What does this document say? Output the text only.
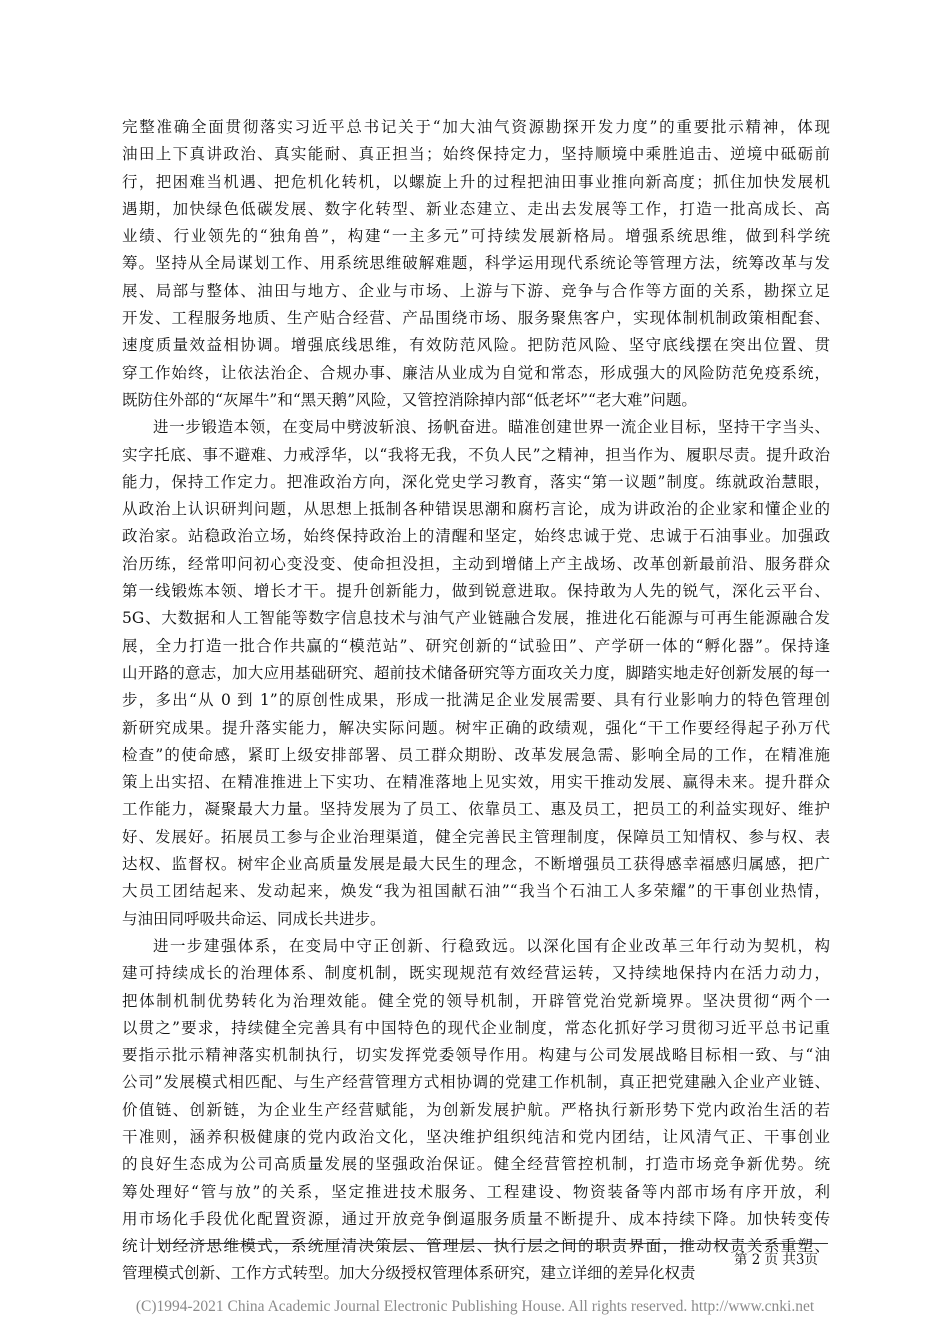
完整准确全面贯彻落实习近平总书记关于“加大油气资源勘探开发力度”的重要批示精神，体现
油田上下真讲政治、真实能耐、真正担当；始终保持定力，坚持顺境中乘胜追击、逆境中砥砺前
行，把困难当机遇、把危机化转机，以螺旋上升的过程把油田事业推向新高度；抓住加快发展机
遇期，加快绿色低碳发展、数字化转型、新业态建立、走出去发展等工作，打造一批高成长、高
业绩、行业领先的“独角兽”，构建“一主多元”可持续发展新格局。增强系统思维，做到科学统
筹。坚持从全局谋划工作、用系统思维破解难题，科学运用现代系统论等管理方法，统筹改革与发
展、局部与整体、油田与地方、企业与市场、上游与下游、竞争与合作等方面的关系，勘探立足
开发、工程服务地质、生产贴合经营、产品围绕市场、服务聚焦客户，实现体制机制政策相配套、
速度质量效益相协调。增强底线思维，有效防范风险。把防范风险、坚守底线摆在突出位置、贯
穿工作始终，让依法治企、合规办事、廉洁从业成为自觉和常态，形成强大的风险防范免疫系统，
既防住外部的“灰犀牛”和“黑天鹅”风险，又管控消除掉内部“低老坏”“老大难”问题。
进一步锻造本领，在变局中劈波斩浪、扬帆奋进。瞄准创建世界一流企业目标，坚持干字当头、
实字托底、事不避难、力戒浮华，以“我将无我，不负人民”之精神，担当作为、履职尽责。提升政治
能力，保持工作定力。把准政治方向，深化党史学习教育，落实“第一议题”制度。练就政治慧眼，
从政治上认识研判问题，从思想上抵制各种错误思潮和腐朽言论，成为讲政治的企业家和懂企业的
政治家。站稳政治立场，始终保持政治上的清醒和坚定，始终忠诚于党、忠诚于石油事业。加强政
治历练，经常叩问初心变没变、使命担没担，主动到增储上产主战场、改革创新最前沿、服务群众
第一线锻炼本领、增长才干。提升创新能力，做到锐意进取。保持敢为人先的锐气，深化云平台、
5G、大数据和人工智能等数字信息技术与油气产业链融合发展，推进化石能源与可再生能源融合发
展，全力打造一批合作共赢的“模范站”、研究创新的“试验田”、产学研一体的“孵化器”。保持逢
山开路的意志，加大应用基础研究、超前技术储备研究等方面攻关力度，脚踏实地走好创新发展的每一
步，多出“从 0 到 1”的原创性成果，形成一批满足企业发展需要、具有行业影响力的特色管理创
新研究成果。提升落实能力，解决实际问题。树牢正确的政绩观，强化“干工作要经得起子孙万代
检查”的使命感，紧盯上级安排部署、员工群众期盼、改革发展急需、影响全局的工作，在精准施
策上出实招、在精准推进上下实功、在精准落地上见实效，用实干推动发展、赢得未来。提升群众
工作能力，凝聚最大力量。坚持发展为了员工、依靠员工、惠及员工，把员工的利益实现好、维护
好、发展好。拓展员工参与企业治理渠道，健全完善民主管理制度，保障员工知情权、参与权、表
达权、监督权。树牢企业高质量发展是最大民生的理念，不断增强员工获得感幸福感归属感，把广
大员工团结起来、发动起来，焕发“我为祖国献石油”“我当个石油工人多荣耀”的干事创业热情，
与油田同呼吸共命运、同成长共进步。
进一步建强体系，在变局中守正创新、行稳致远。以深化国有企业改革三年行动为契机，构
建可持续成长的治理体系、制度机制，既实现规范有效经营运转，又持续地保持内在活力动力，
把体制机制优势转化为治理效能。健全党的领导机制，开辟管党治党新境界。坚决贯彻“两个一
以贯之”要求，持续健全完善具有中国特色的现代企业制度，常态化抓好学习贯彻习近平总书记重
要指示批示精神落实机制执行，切实发挥党委领导作用。构建与公司发展战略目标相一致、与“油
公司”发展模式相匹配、与生产经营管理方式相协调的党建工作机制，真正把党建融入企业产业链、
价值链、创新链，为企业生产经营赋能，为创新发展护航。严格执行新形势下党内政治生活的若
干准则，涵养积极健康的党内政治文化，坚决维护组织纯洁和党内团结，让风清气正、干事创业
的良好生态成为公司高质量发展的坚强政治保证。健全经营管控机制，打造市场竞争新优势。统
筹处理好“管与放”的关系，坚定推进技术服务、工程建设、物资装备等内部市场有序开放，利
用市场化手段优化配置资源，通过开放竞争倒逼服务质量不断提升、成本持续下降。加快转变传
统计划经济思维模式，系统厘清决策层、管理层、执行层之间的职责界面，推动权责关系重塑、
管理模式创新、工作方式转型。加大分级授权管理体系研究，建立详细的差异化权责
第 2 页 共3页
(C)1994-2021 China Academic Journal Electronic Publishing House. All rights reserved. http://www.cnki.net
